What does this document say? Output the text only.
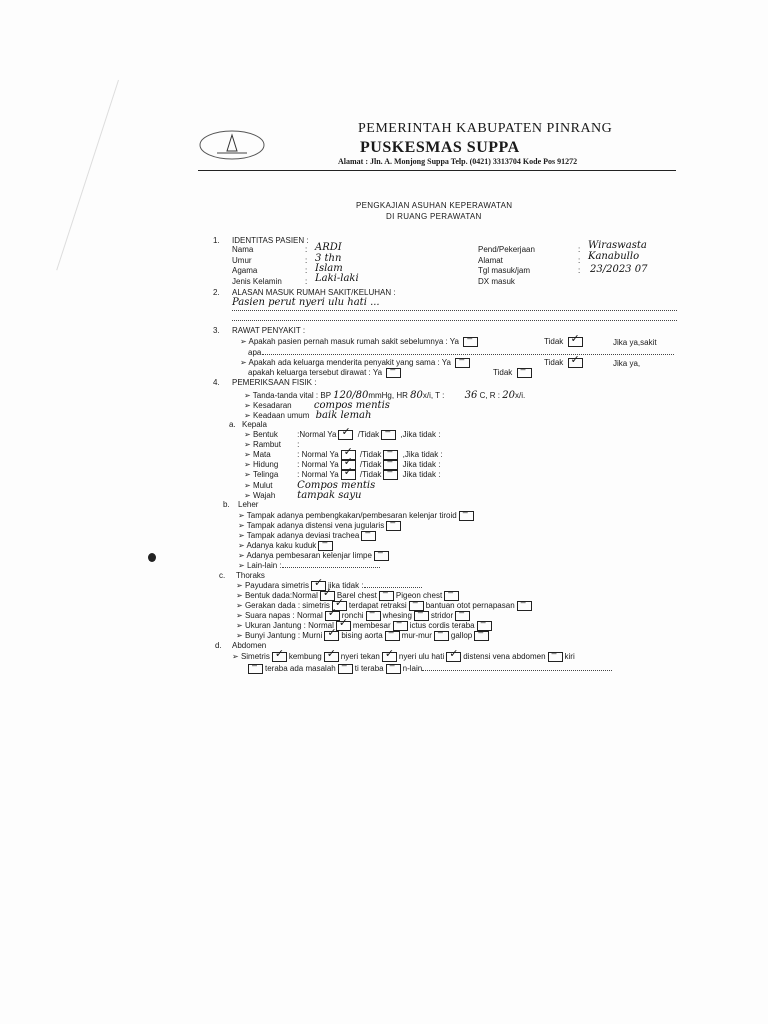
PEMERINTAH KABUPATEN PINRANG
PUSKESMAS SUPPA
Alamat : Jln. A. Monjong Suppa Telp. (0421) 3313704 Kode Pos 91272
PENGKAJIAN ASUHAN KEPERAWATAN
DI RUANG PERAWATAN
1. IDENTITAS PASIEN :
Nama	: ARDI
Umur	: 3 thn
Agama	: Islam
Jenis Kelamin	: Laki-laki
Pend/Pekerjaan	: Wiraswasta
Alamat	: Kanabullo
Tgl masuk/jam	: 23/2023 07
DX masuk
2. ALASAN MASUK RUMAH SAKIT/KELUHAN :
Pasien perut nyeri ulu hati ...
3. RAWAT PENYAKIT :
➢ Apakah pasien pernah masuk rumah sakit sebelumnya : Ya –	Tidak ✓	Jika ya,sakit
apa
➢ Apakah ada keluarga menderita penyakit yang sama : Ya –	Tidak ✓	Jika ya,
apakah keluarga tersebut dirawat : Ya –	Tidak –
4. PEMERIKSAAN FISIK :
➢ Tanda-tanda vital : BP 120/80mmHg, HR 80x/i, T : 36 C, R : 20x/i.
➢ Kesadaran compos mentis
➢ Keadaan umum baik lemah
a. Kepala
➢ Bentuk :Normal Ya ✓	/Tidak –	,Jika tidak :
➢ Rambut :
➢ Mata	: Normal Ya ✓	/Tidak –	,Jika tidak :
➢ Hidung : Normal Ya ✓	/Tidak –	Jika tidak :
➢ Telinga : Normal Ya ✓	/Tidak –	Jika tidak :
➢ Mulut Compos mentis
➢ Wajah tampak sayu
b. Leher
➢ Tampak adanya pembengkakan/pembesaran kelenjar tiroid–
➢ Tampak adanya distensi vena jugularis–
➢ Tampak adanya deviasi trachea–
➢ Adanya kaku kuduk–
➢ Adanya pembesaran kelenjar limpe–
➢ Lain-lain :
c. Thoraks
➢ Payudara simetris ✓ jika tidak :
➢ Bentuk dada:Normal ✓ Barel chest – Pigeon chest–
➢ Gerakan dada : simetris ✓ terdapat retraksi – bantuan otot pernapasan–
➢ Suara napas : Normal ✓ ronchi – whesing – stridor–
➢ Ukuran Jantung : Normal ✓ membesar – ictus cordis teraba–
➢ Bunyi Jantung : Murni ✓ bising aorta – mur-mur – gallop–
d. Abdomen
➢ Simetris ✓ kembung ✓ nyeri tekan ✓ nyeri ulu hati ✓ distensi vena abdomen – kiri
–teraba ada masalah – ti teraba – n-lain
